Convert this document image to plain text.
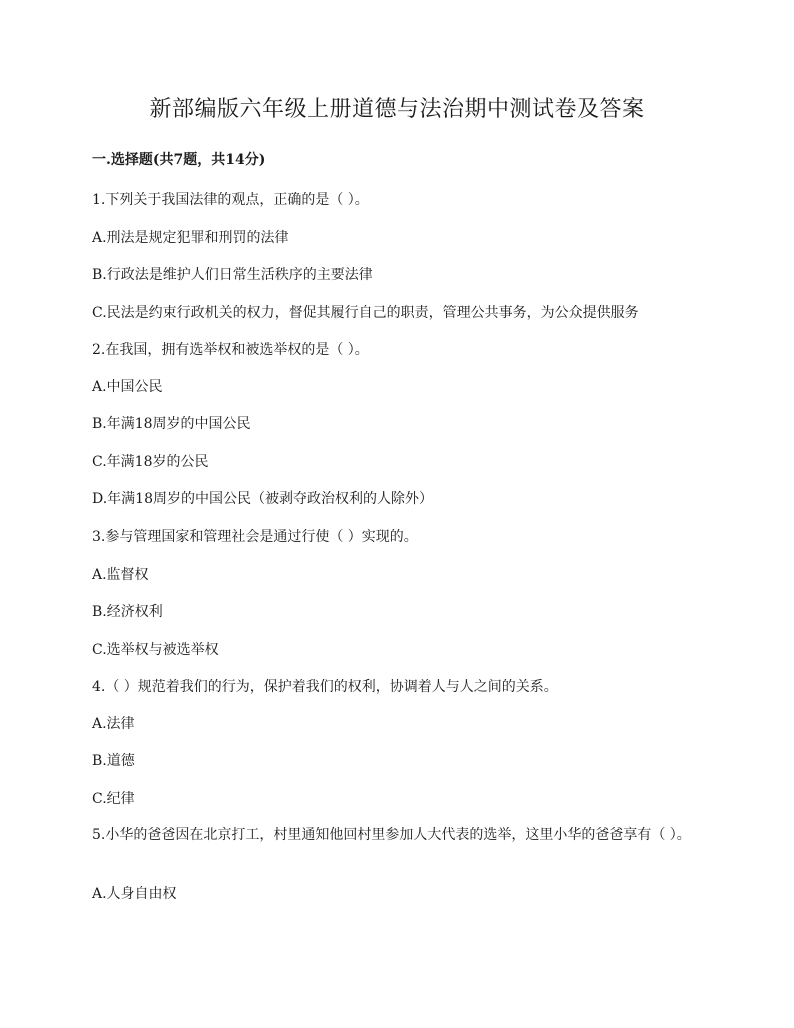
新部编版六年级上册道德与法治期中测试卷及答案
一.选择题(共7题，共14分)
1.下列关于我国法律的观点，正确的是（ ）。
A.刑法是规定犯罪和刑罚的法律
B.行政法是维护人们日常生活秩序的主要法律
C.民法是约束行政机关的权力，督促其履行自己的职责，管理公共事务，为公众提供服务
2.在我国，拥有选举权和被选举权的是（ ）。
A.中国公民
B.年满18周岁的中国公民
C.年满18岁的公民
D.年满18周岁的中国公民（被剥夺政治权利的人除外）
3.参与管理国家和管理社会是通过行使（ ）实现的。
A.监督权
B.经济权利
C.选举权与被选举权
4.（ ）规范着我们的行为，保护着我们的权利，协调着人与人之间的关系。
A.法律
B.道德
C.纪律
5.小华的爸爸因在北京打工，村里通知他回村里参加人大代表的选举，这里小华的爸爸享有（ ）。
A.人身自由权
